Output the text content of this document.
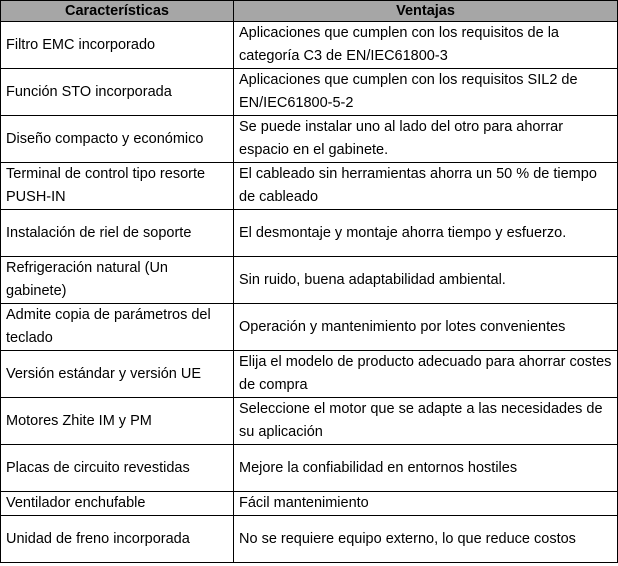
Características	Ventajas
Filtro EMC incorporado	Aplicaciones que cumplen con los requisitos de la categoría C3 de EN/IEC61800-3
Función STO incorporada	Aplicaciones que cumplen con los requisitos SIL2 de EN/IEC61800-5-2
Diseño compacto y económico	Se puede instalar uno al lado del otro para ahorrar espacio en el gabinete.
Terminal de control tipo resorte PUSH-IN	El cableado sin herramientas ahorra un 50 % de tiempo de cableado
Instalación de riel de soporte	El desmontaje y montaje ahorra tiempo y esfuerzo.
Refrigeración natural (Un gabinete)	Sin ruido, buena adaptabilidad ambiental.
Admite copia de parámetros del teclado	Operación y mantenimiento por lotes convenientes
Versión estándar y versión UE	Elija el modelo de producto adecuado para ahorrar costes de compra
Motores Zhite IM y PM	Seleccione el motor que se adapte a las necesidades de su aplicación
Placas de circuito revestidas	Mejore la confiabilidad en entornos hostiles
Ventilador enchufable	Fácil mantenimiento
Unidad de freno incorporada	No se requiere equipo externo, lo que reduce costos
